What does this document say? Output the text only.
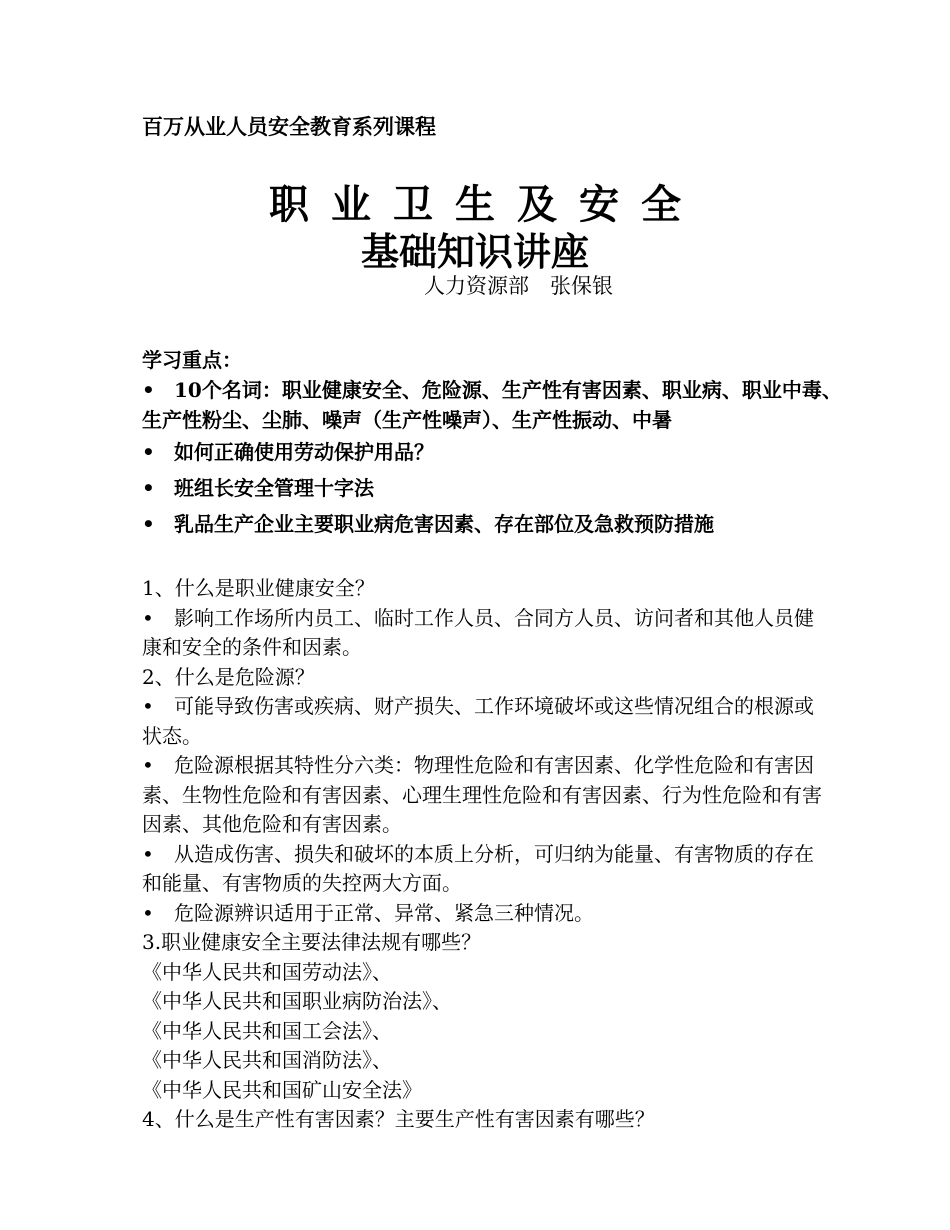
百万从业人员安全教育系列课程
职业卫生及安全
基础知识讲座
人力资源部　张保银
学习重点：
• 10个名词：职业健康安全、危险源、生产性有害因素、职业病、职业中毒、生产性粉尘、尘肺、噪声（生产性噪声）、生产性振动、中暑
• 如何正确使用劳动保护用品？
• 班组长安全管理十字法
• 乳品生产企业主要职业病危害因素、存在部位及急救预防措施
1、什么是职业健康安全？
• 影响工作场所内员工、临时工作人员、合同方人员、访问者和其他人员健康和安全的条件和因素。
2、什么是危险源？
• 可能导致伤害或疾病、财产损失、工作环境破坏或这些情况组合的根源或状态。
• 危险源根据其特性分六类：物理性危险和有害因素、化学性危险和有害因素、生物性危险和有害因素、心理生理性危险和有害因素、行为性危险和有害因素、其他危险和有害因素。
• 从造成伤害、损失和破坏的本质上分析，可归纳为能量、有害物质的存在和能量、有害物质的失控两大方面。
• 危险源辨识适用于正常、异常、紧急三种情况。
3.职业健康安全主要法律法规有哪些？
《中华人民共和国劳动法》、
《中华人民共和国职业病防治法》、
《中华人民共和国工会法》、
《中华人民共和国消防法》、
《中华人民共和国矿山安全法》
4、什么是生产性有害因素？主要生产性有害因素有哪些？
